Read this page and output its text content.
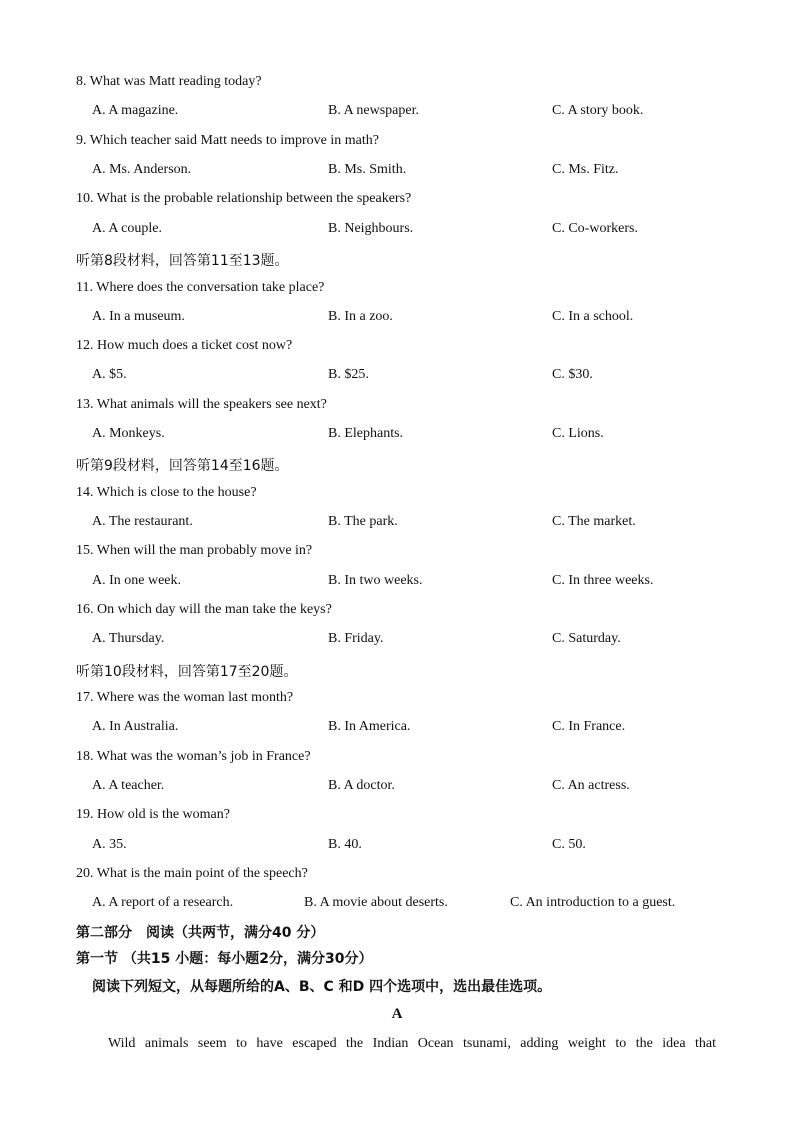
8. What was Matt reading today?
A. A magazine.	B. A newspaper.	C. A story book.
9. Which teacher said Matt needs to improve in math?
A. Ms. Anderson.	B. Ms. Smith.	C. Ms. Fitz.
10. What is the probable relationship between the speakers?
A. A couple.	B. Neighbours.	C. Co-workers.
听第8段材料，回答第11至13题。
11. Where does the conversation take place?
A. In a museum.	B. In a zoo.	C. In a school.
12. How much does a ticket cost now?
A. $5.	B. $25.	C. $30.
13. What animals will the speakers see next?
A. Monkeys.	B. Elephants.	C. Lions.
听第9段材料，回答第14至16题。
14. Which is close to the house?
A. The restaurant.	B. The park.	C. The market.
15. When will the man probably move in?
A. In one week.	B. In two weeks.	C. In three weeks.
16. On which day will the man take the keys?
A. Thursday.	B. Friday.	C. Saturday.
听第10段材料，回答第17至20题。
17. Where was the woman last month?
A. In Australia.	B. In America.	C. In France.
18. What was the woman’s job in France?
A. A teacher.	B. A doctor.	C. An actress.
19. How old is the woman?
A. 35.	B. 40.	C. 50.
20. What is the main point of the speech?
A. A report of a research.	B. A movie about deserts.	C. An introduction to a guest.
第二部分　阅读（共两节，满分40 分）
第一节 （共15 小题：每小题2分，满分30分）
阅读下列短文，从每题所给的A、B、C 和D 四个选项中，选出最佳选项。
A
Wild animals seem to have escaped the Indian Ocean tsunami, adding weight to the idea that
